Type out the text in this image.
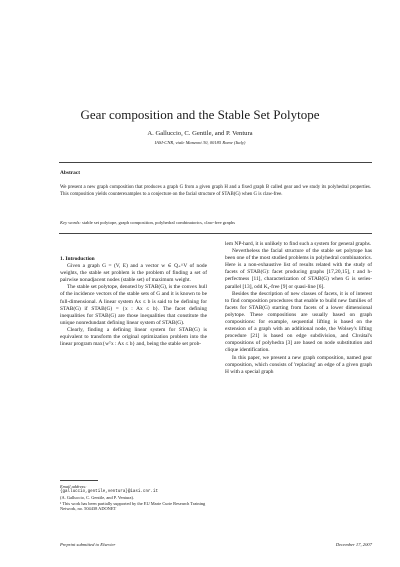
Gear composition and the Stable Set Polytope
A. Galluccio, C. Gentile, and P. Ventura
IASI-CNR, viale Manzoni 30, 00185 Rome (Italy)
Abstract
We present a new graph composition that produces a graph G from a given graph H and a fixed graph B called gear and we study its polyhedral properties. This composition yields counterexamples to a conjecture on the facial structure of STAB(G) when G is claw-free.
Key words: stable set polytope, graph composition, polyhedral combinatorics, claw-free graphs

1. Introduction

Given a graph G = (V, E) and a vector w ∈ Q₊^V of node weights, the stable set problem is the problem of finding a set of pairwise nonadjacent nodes (stable set) of maximum weight.

The stable set polytope, denoted by STAB(G), is the convex hull of the incidence vectors of the stable sets of G and it is known to be full-dimensional. A linear system Ax ≤ b is said to be defining for STAB(G) if STAB(G) = {x : Ax ≤ b}. The facet defining inequalities for STAB(G) are those inequalities that constitute the unique nonredundant defining linear system of STAB(G).

Clearly, finding a defining linear system for STAB(G) is equivalent to transform the original optimization problem into the linear program max{wᵀx : Ax ≤ b} and, being the stable set prob-

lem NP-hard, it is unlikely to find such a system for general graphs.

Nevertheless the facial structure of the stable set polytope has been one of the most studied problems in polyhedral combinatorics. Here is a non-exhaustive list of results related with the study of facets of STAB(G): facet producing graphs [17,20,15], t and h-perfectness [11], characterization of STAB(G) when G is series-parallel [13], odd K₄-free [9] or quasi-line [6].

Besides the description of new classes of facets, it is of interest to find composition procedures that enable to build new families of facets for STAB(G) starting from facets of a lower dimensional polytope. These compositions are usually based on graph compositions: for example, sequential lifting is based on the extension of a graph with an additional node, the Wolsey's lifting procedure [21] is based on edge subdivision, and Chvátal's compositions of polyhedra [3] are based on node substitution and clique identification.

In this paper, we present a new graph composition, named gear composition, which consists of 'replacing' an edge of a given graph H with a special graph

Email address:
{galluccio,gentile,ventura}@iasi.cnr.it
(A. Galluccio, C. Gentile, and P. Ventura).
¹ This work has been partially supported by the EU Marie Curie Research Training Network, no. 504438 ADONET
Preprint submitted to Elsevier	December 17, 2007
